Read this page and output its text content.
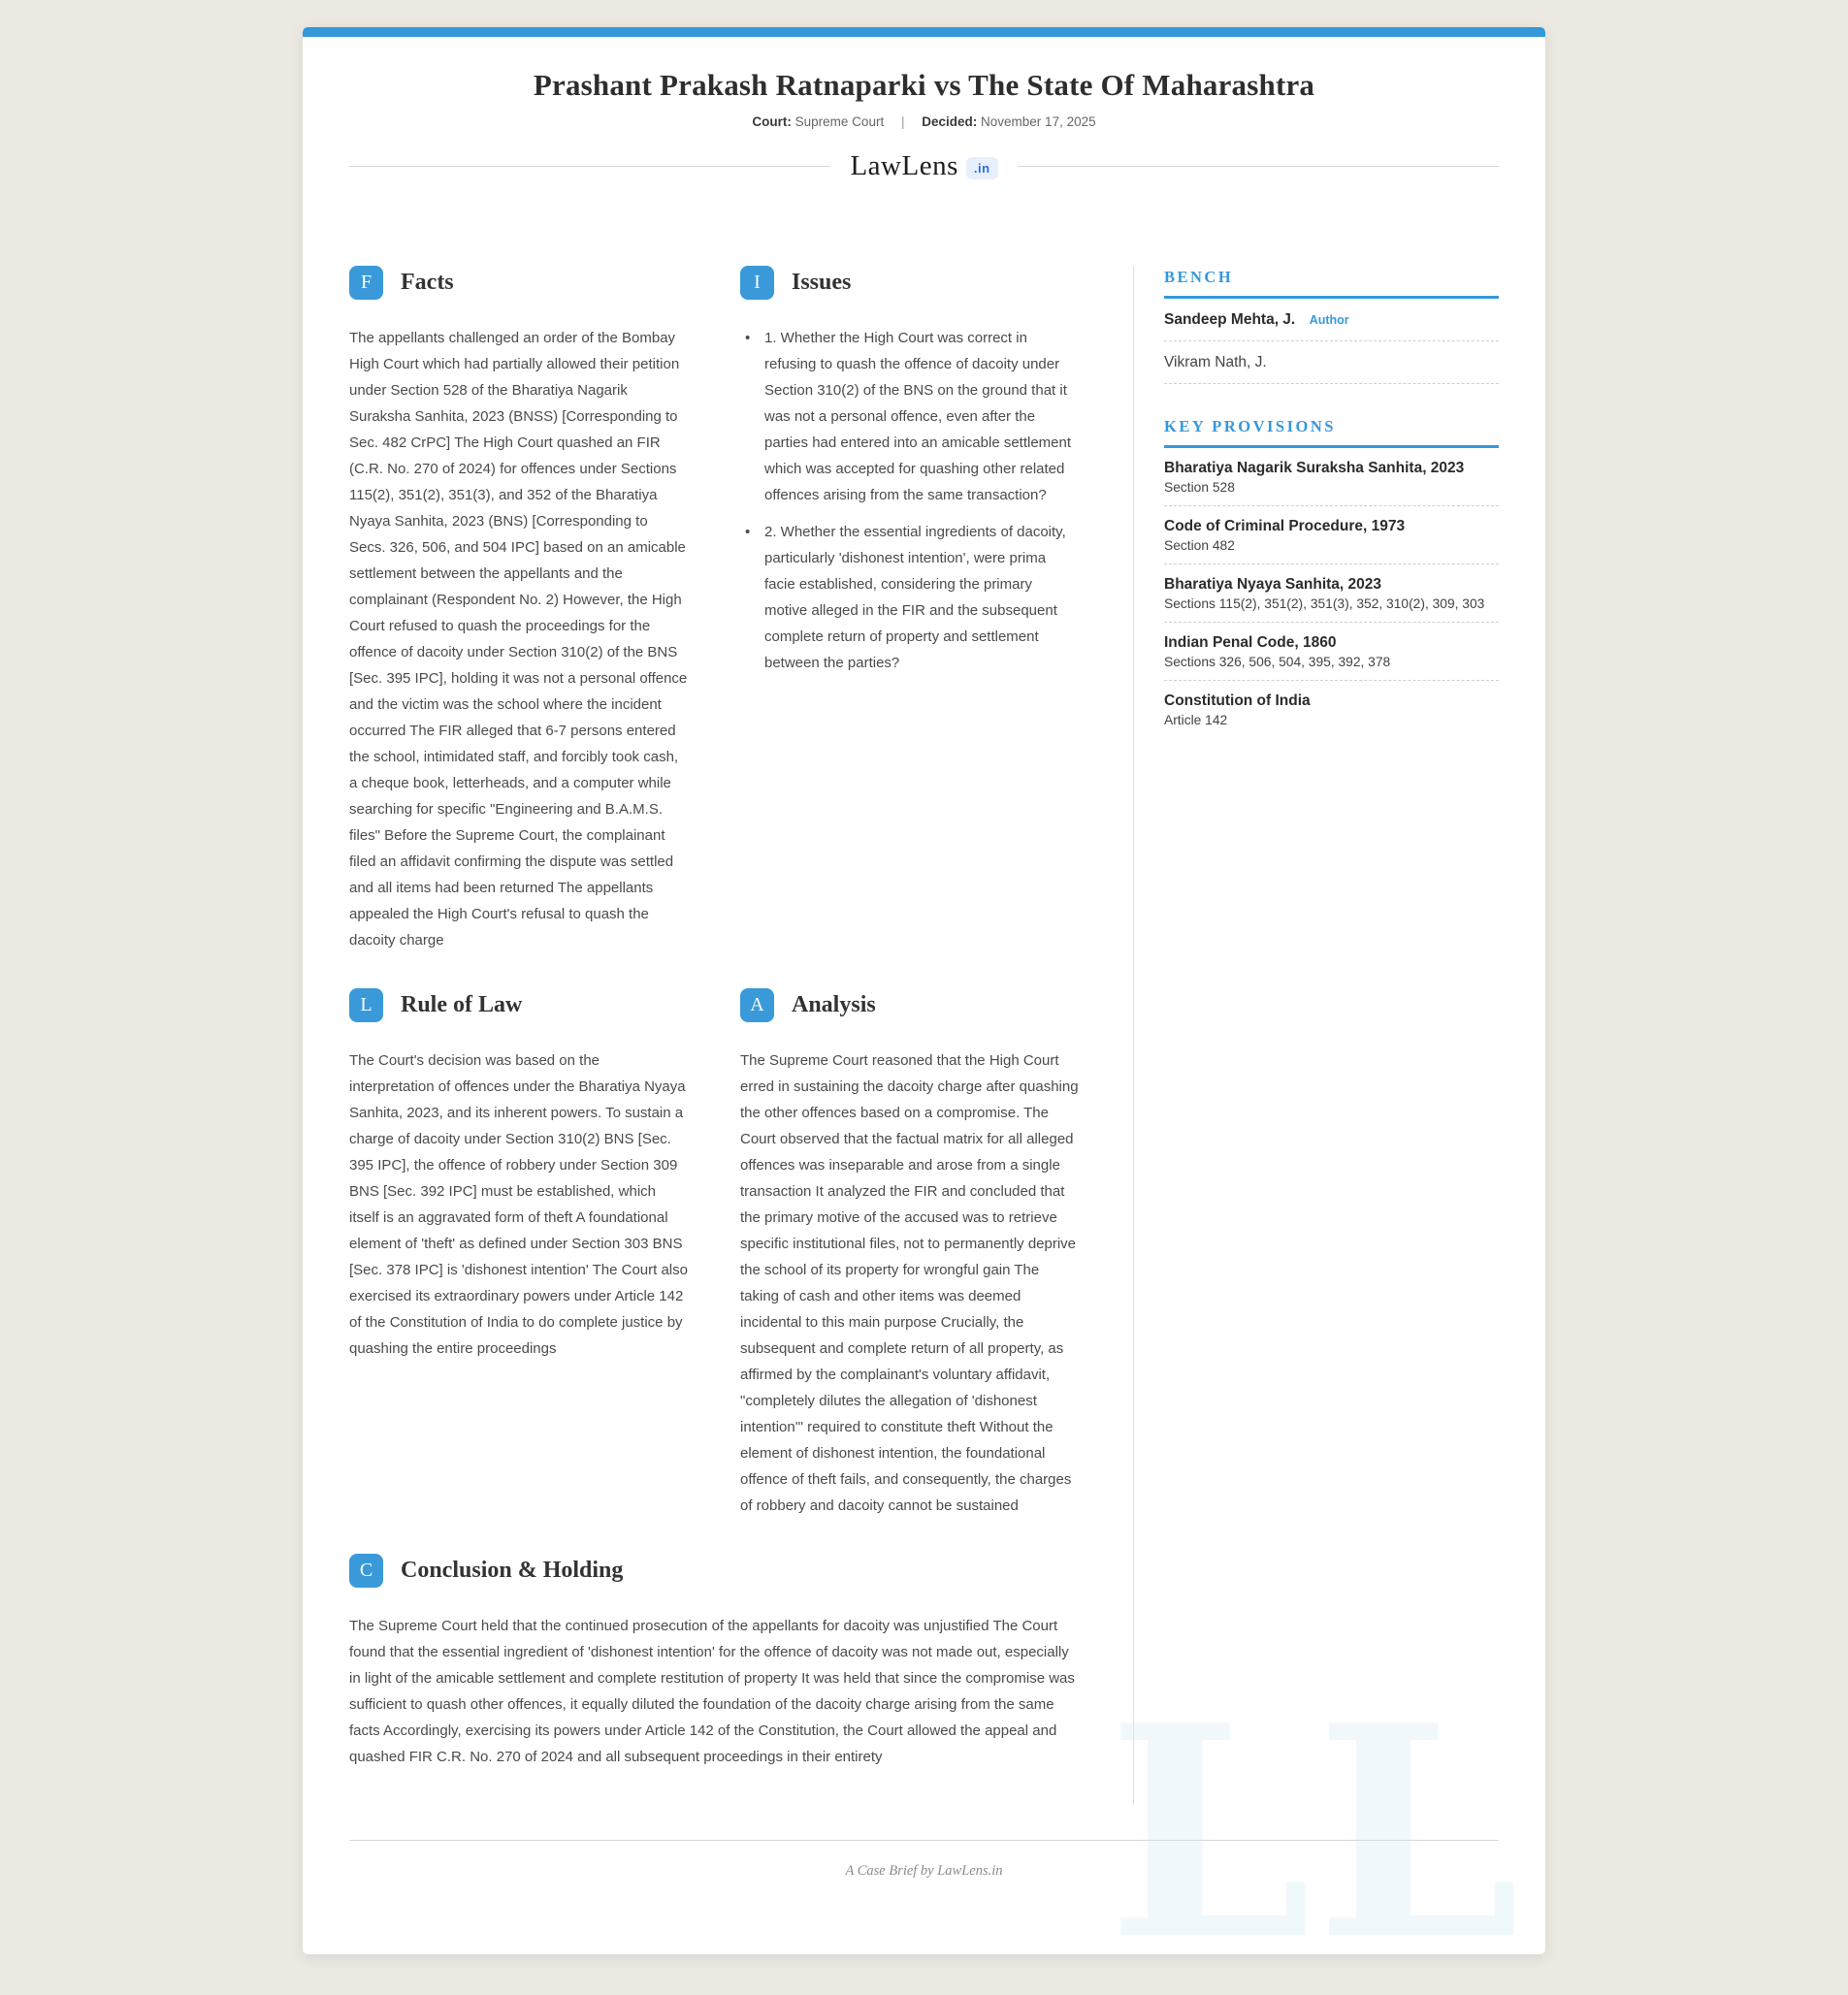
LL
Prashant Prakash Ratnaparki vs The State Of Maharashtra
Court: Supreme Court | Decided: November 17, 2025
LawLens	.in
F	Facts

The appellants challenged an order of the Bombay High Court which had partially allowed their petition under Section 528 of the Bharatiya Nagarik Suraksha Sanhita, 2023 (BNSS) [Corresponding to Sec. 482 CrPC] The High Court quashed an FIR (C.R. No. 270 of 2024) for offences under Sections 115(2), 351(2), 351(3), and 352 of the Bharatiya Nyaya Sanhita, 2023 (BNS) [Corresponding to Secs. 326, 506, and 504 IPC] based on an amicable settlement between the appellants and the complainant (Respondent No. 2) However, the High Court refused to quash the proceedings for the offence of dacoity under Section 310(2) of the BNS [Sec. 395 IPC], holding it was not a personal offence and the victim was the school where the incident occurred The FIR alleged that 6-7 persons entered the school, intimidated staff, and forcibly took cash, a cheque book, letterheads, and a computer while searching for specific "Engineering and B.A.M.S. files" Before the Supreme Court, the complainant filed an affidavit confirming the dispute was settled and all items had been returned The appellants appealed the High Court's refusal to quash the dacoity charge

I	Issues
• 1. Whether the High Court was correct in refusing to quash the offence of dacoity under Section 310(2) of the BNS on the ground that it was not a personal offence, even after the parties had entered into an amicable settlement which was accepted for quashing other related offences arising from the same transaction?
• 2. Whether the essential ingredients of dacoity, particularly 'dishonest intention', were prima facie established, considering the primary motive alleged in the FIR and the subsequent complete return of property and settlement between the parties?
L	Rule of Law

The Court's decision was based on the interpretation of offences under the Bharatiya Nyaya Sanhita, 2023, and its inherent powers. To sustain a charge of dacoity under Section 310(2) BNS [Sec. 395 IPC], the offence of robbery under Section 309 BNS [Sec. 392 IPC] must be established, which itself is an aggravated form of theft A foundational element of 'theft' as defined under Section 303 BNS [Sec. 378 IPC] is 'dishonest intention' The Court also exercised its extraordinary powers under Article 142 of the Constitution of India to do complete justice by quashing the entire proceedings

A	Analysis

The Supreme Court reasoned that the High Court erred in sustaining the dacoity charge after quashing the other offences based on a compromise. The Court observed that the factual matrix for all alleged offences was inseparable and arose from a single transaction It analyzed the FIR and concluded that the primary motive of the accused was to retrieve specific institutional files, not to permanently deprive the school of its property for wrongful gain The taking of cash and other items was deemed incidental to this main purpose Crucially, the subsequent and complete return of all property, as affirmed by the complainant's voluntary affidavit, "completely dilutes the allegation of 'dishonest intention'" required to constitute theft Without the element of dishonest intention, the foundational offence of theft fails, and consequently, the charges of robbery and dacoity cannot be sustained

C	Conclusion & Holding

The Supreme Court held that the continued prosecution of the appellants for dacoity was unjustified The Court found that the essential ingredient of 'dishonest intention' for the offence of dacoity was not made out, especially in light of the amicable settlement and complete restitution of property It was held that since the compromise was sufficient to quash other offences, it equally diluted the foundation of the dacoity charge arising from the same facts Accordingly, exercising its powers under Article 142 of the Constitution, the Court allowed the appeal and quashed FIR C.R. No. 270 of 2024 and all subsequent proceedings in their entirety

BENCH
Sandeep Mehta, J. Author
Vikram Nath, J.
KEY PROVISIONS
Bharatiya Nagarik Suraksha Sanhita, 2023
Section 528
Code of Criminal Procedure, 1973
Section 482
Bharatiya Nyaya Sanhita, 2023
Sections 115(2), 351(2), 351(3), 352, 310(2), 309, 303
Indian Penal Code, 1860
Sections 326, 506, 504, 395, 392, 378
Constitution of India
Article 142
A Case Brief by LawLens.in
